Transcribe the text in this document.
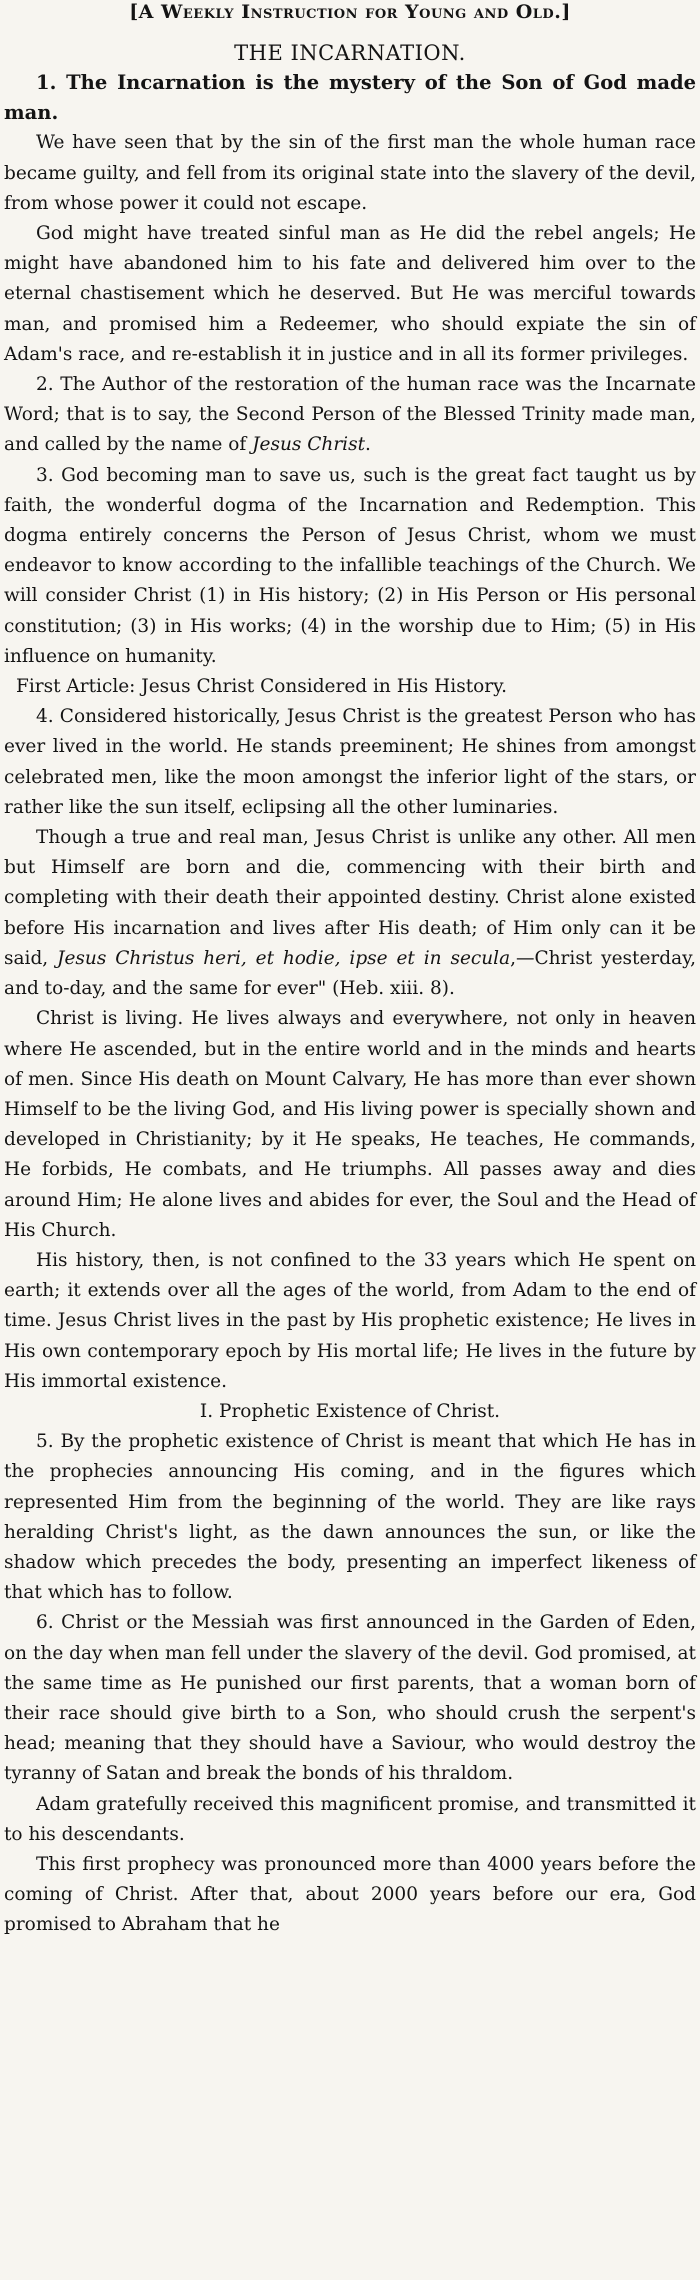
[A Weekly Instruction for Young and Old.]
THE INCARNATION.

1. The Incarnation is the mystery of the Son of God made man.

We have seen that by the sin of the first man the whole human race became guilty, and fell from its original state into the slavery of the devil, from whose power it could not escape.

God might have treated sinful man as He did the rebel angels; He might have abandoned him to his fate and delivered him over to the eternal chastisement which he deserved. But He was merciful towards man, and promised him a Redeemer, who should expiate the sin of Adam's race, and re-establish it in justice and in all its former privileges.

2. The Author of the restoration of the human race was the Incarnate Word; that is to say, the Second Person of the Blessed Trinity made man, and called by the name of Jesus Christ.

3. God becoming man to save us, such is the great fact taught us by faith, the wonderful dogma of the Incarnation and Redemption. This dogma entirely concerns the Person of Jesus Christ, whom we must endeavor to know according to the infallible teachings of the Church. We will consider Christ (1) in His history; (2) in His Person or His personal constitution; (3) in His works; (4) in the worship due to Him; (5) in His influence on humanity.

First Article: Jesus Christ Considered in His History.

4. Considered historically, Jesus Christ is the greatest Person who has ever lived in the world. He stands preeminent; He shines from amongst celebrated men, like the moon amongst the inferior light of the stars, or rather like the sun itself, eclipsing all the other luminaries.

Though a true and real man, Jesus Christ is unlike any other. All men but Himself are born and die, commencing with their birth and completing with their death their appointed destiny. Christ alone existed before His incarnation and lives after His death; of Him only can it be said, Jesus Christus heri, et hodie, ipse et in secula,—Christ yesterday, and to-day, and the same for ever" (Heb. xiii. 8).

Christ is living. He lives always and everywhere, not only in heaven where He ascended, but in the entire world and in the minds and hearts of men. Since His death on Mount Calvary, He has more than ever shown Himself to be the living God, and His living power is specially shown and developed in Christianity; by it He speaks, He teaches, He commands, He forbids, He combats, and He triumphs. All passes away and dies around Him; He alone lives and abides for ever, the Soul and the Head of His Church.

His history, then, is not confined to the 33 years which He spent on earth; it extends over all the ages of the world, from Adam to the end of time. Jesus Christ lives in the past by His prophetic existence; He lives in His own contemporary epoch by His mortal life; He lives in the future by His immortal existence.

I. Prophetic Existence of Christ.

5. By the prophetic existence of Christ is meant that which He has in the prophecies announcing His coming, and in the figures which represented Him from the beginning of the world. They are like rays heralding Christ's light, as the dawn announces the sun, or like the shadow which precedes the body, presenting an imperfect likeness of that which has to follow.

6. Christ or the Messiah was first announced in the Garden of Eden, on the day when man fell under the slavery of the devil. God promised, at the same time as He punished our first parents, that a woman born of their race should give birth to a Son, who should crush the serpent's head; meaning that they should have a Saviour, who would destroy the tyranny of Satan and break the bonds of his thraldom.

Adam gratefully received this magnificent promise, and transmitted it to his descendants.

This first prophecy was pronounced more than 4000 years before the coming of Christ. After that, about 2000 years before our era, God promised to Abraham that he
